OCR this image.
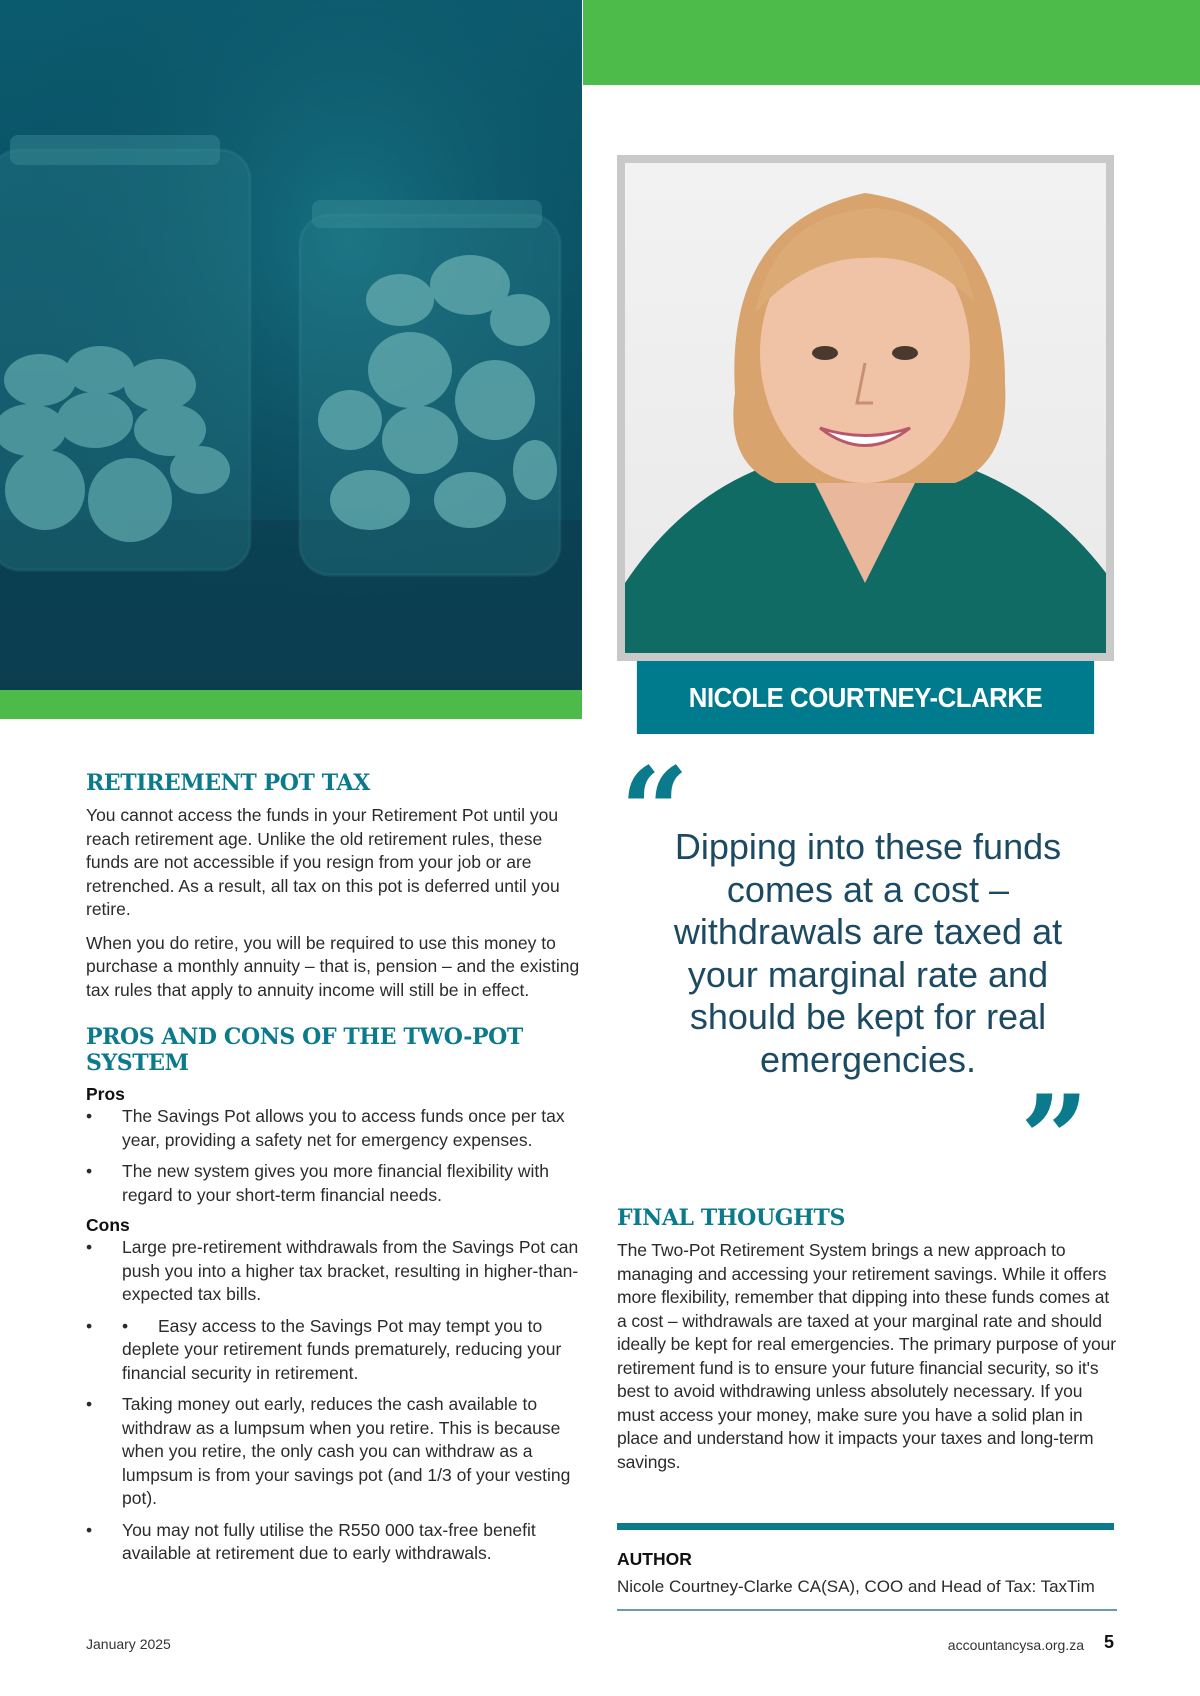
NICOLE COURTNEY-CLARKE
RETIREMENT POT TAX

You cannot access the funds in your Retirement Pot until you reach retirement age. Unlike the old retirement rules, these funds are not accessible if you resign from your job or are retrenched. As a result, all tax on this pot is deferred until you retire.

When you do retire, you will be required to use this money to purchase a monthly annuity – that is, pension – and the existing tax rules that apply to annuity income will still be in effect.

PROS AND CONS OF THE TWO-POT SYSTEM

Pros

• The Savings Pot allows you to access funds once per tax year, providing a safety net for emergency expenses.
• The new system gives you more financial flexibility with regard to your short-term financial needs.

Cons

• Large pre-retirement withdrawals from the Savings Pot can push you into a higher tax bracket, resulting in higher-than-expected tax bills.
• • Easy access to the Savings Pot may tempt you to deplete your retirement funds prematurely, reducing your financial security in retirement.
• Taking money out early, reduces the cash available to withdraw as a lumpsum when you retire. This is because when you retire, the only cash you can withdraw as a lumpsum is from your savings pot (and 1/3 of your vesting pot).
• You may not fully utilise the R550 000 tax-free benefit available at retirement due to early withdrawals.
“
Dipping into these funds comes at a cost – withdrawals are taxed at your marginal rate and should be kept for real emergencies.
”
FINAL THOUGHTS

The Two-Pot Retirement System brings a new approach to managing and accessing your retirement savings. While it offers more flexibility, remember that dipping into these funds comes at a cost – withdrawals are taxed at your marginal rate and should ideally be kept for real emergencies. The primary purpose of your retirement fund is to ensure your future financial security, so it's best to avoid withdrawing unless absolutely necessary. If you must access your money, make sure you have a solid plan in place and understand how it impacts your taxes and long-term savings.

AUTHOR
Nicole Courtney-Clarke CA(SA), COO and Head of Tax: TaxTim
January 2025	accountancysa.org.za 5
